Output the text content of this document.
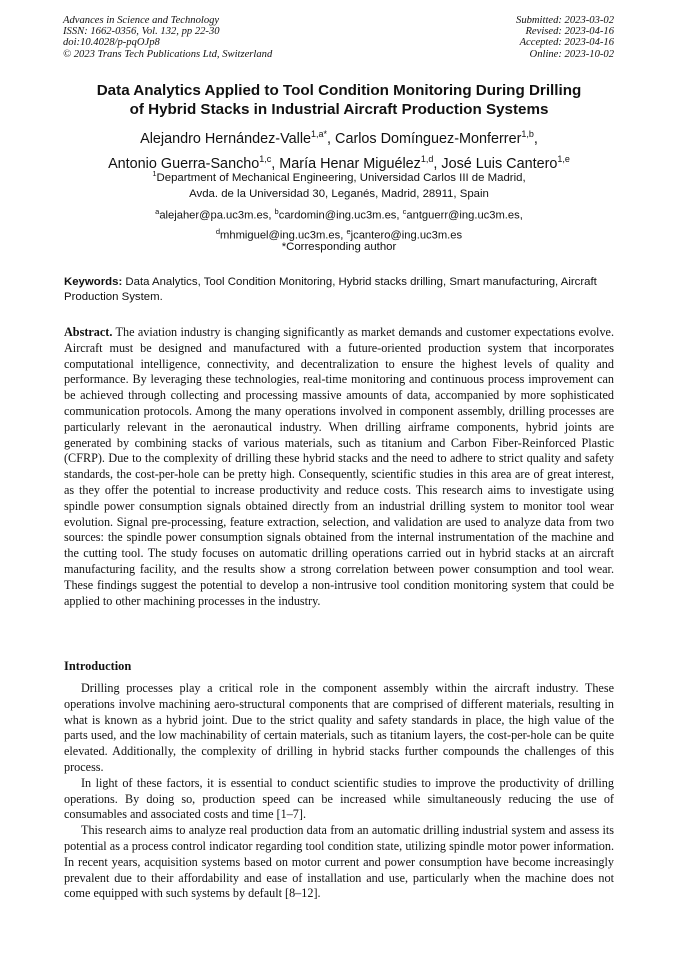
Advances in Science and Technology
ISSN: 1662-0356, Vol. 132, pp 22-30
doi:10.4028/p-pqOJp8
© 2023 Trans Tech Publications Ltd, Switzerland
Submitted: 2023-03-02
Revised: 2023-04-16
Accepted: 2023-04-16
Online: 2023-10-02
Data Analytics Applied to Tool Condition Monitoring During Drilling
of Hybrid Stacks in Industrial Aircraft Production Systems
Alejandro Hernández-Valle$^{1,a*}$, Carlos Domínguez-Monferrer$^{1,b}$,
Antonio Guerra-Sancho$^{1,c}$, María Henar Miguélez$^{1,d}$, José Luis Cantero$^{1,e}$
$^1$Department of Mechanical Engineering, Universidad Carlos III de Madrid,
Avda. de la Universidad 30, Leganés, Madrid, 28911, Spain
$^a$alejaher@pa.uc3m.es, $^b$cardomin@ing.uc3m.es, $^c$antguerr@ing.uc3m.es,
$^d$mhmiguel@ing.uc3m.es, $^e$jcantero@ing.uc3m.es
*Corresponding author
Keywords: Data Analytics, Tool Condition Monitoring, Hybrid stacks drilling, Smart manufacturing, Aircraft Production System.

Abstract. The aviation industry is changing significantly as market demands and customer expectations evolve. Aircraft must be designed and manufactured with a future-oriented production system that incorporates computational intelligence, connectivity, and decentralization to ensure the highest levels of quality and performance. By leveraging these technologies, real-time monitoring and continuous process improvement can be achieved through collecting and processing massive amounts of data, accompanied by more sophisticated communication protocols. Among the many operations involved in component assembly, drilling processes are particularly relevant in the aeronautical industry. When drilling airframe components, hybrid joints are generated by combining stacks of various materials, such as titanium and Carbon Fiber-Reinforced Plastic (CFRP). Due to the complexity of drilling these hybrid stacks and the need to adhere to strict quality and safety standards, the cost-per-hole can be pretty high. Consequently, scientific studies in this area are of great interest, as they offer the potential to increase productivity and reduce costs. This research aims to investigate using spindle power consumption signals obtained directly from an industrial drilling system to monitor tool wear evolution. Signal pre-processing, feature extraction, selection, and validation are used to analyze data from two sources: the spindle power consumption signals obtained from the internal instrumentation of the machine and the cutting tool. The study focuses on automatic drilling operations carried out in hybrid stacks at an aircraft manufacturing facility, and the results show a strong correlation between power consumption and tool wear. These findings suggest the potential to develop a non-intrusive tool condition monitoring system that could be applied to other machining processes in the industry.

Introduction

Drilling processes play a critical role in the component assembly within the aircraft industry. These operations involve machining aero-structural components that are comprised of different materials, resulting in what is known as a hybrid joint. Due to the strict quality and safety standards in place, the high value of the parts used, and the low machinability of certain materials, such as titanium layers, the cost-per-hole can be quite elevated. Additionally, the complexity of drilling in hybrid stacks further compounds the challenges of this process.

In light of these factors, it is essential to conduct scientific studies to improve the productivity of drilling operations. By doing so, production speed can be increased while simultaneously reducing the use of consumables and associated costs and time [1–7].

This research aims to analyze real production data from an automatic drilling industrial system and assess its potential as a process control indicator regarding tool condition state, utilizing spindle motor power information. In recent years, acquisition systems based on motor current and power consumption have become increasingly prevalent due to their affordability and ease of installation and use, particularly when the machine does not come equipped with such systems by default [8–12].
